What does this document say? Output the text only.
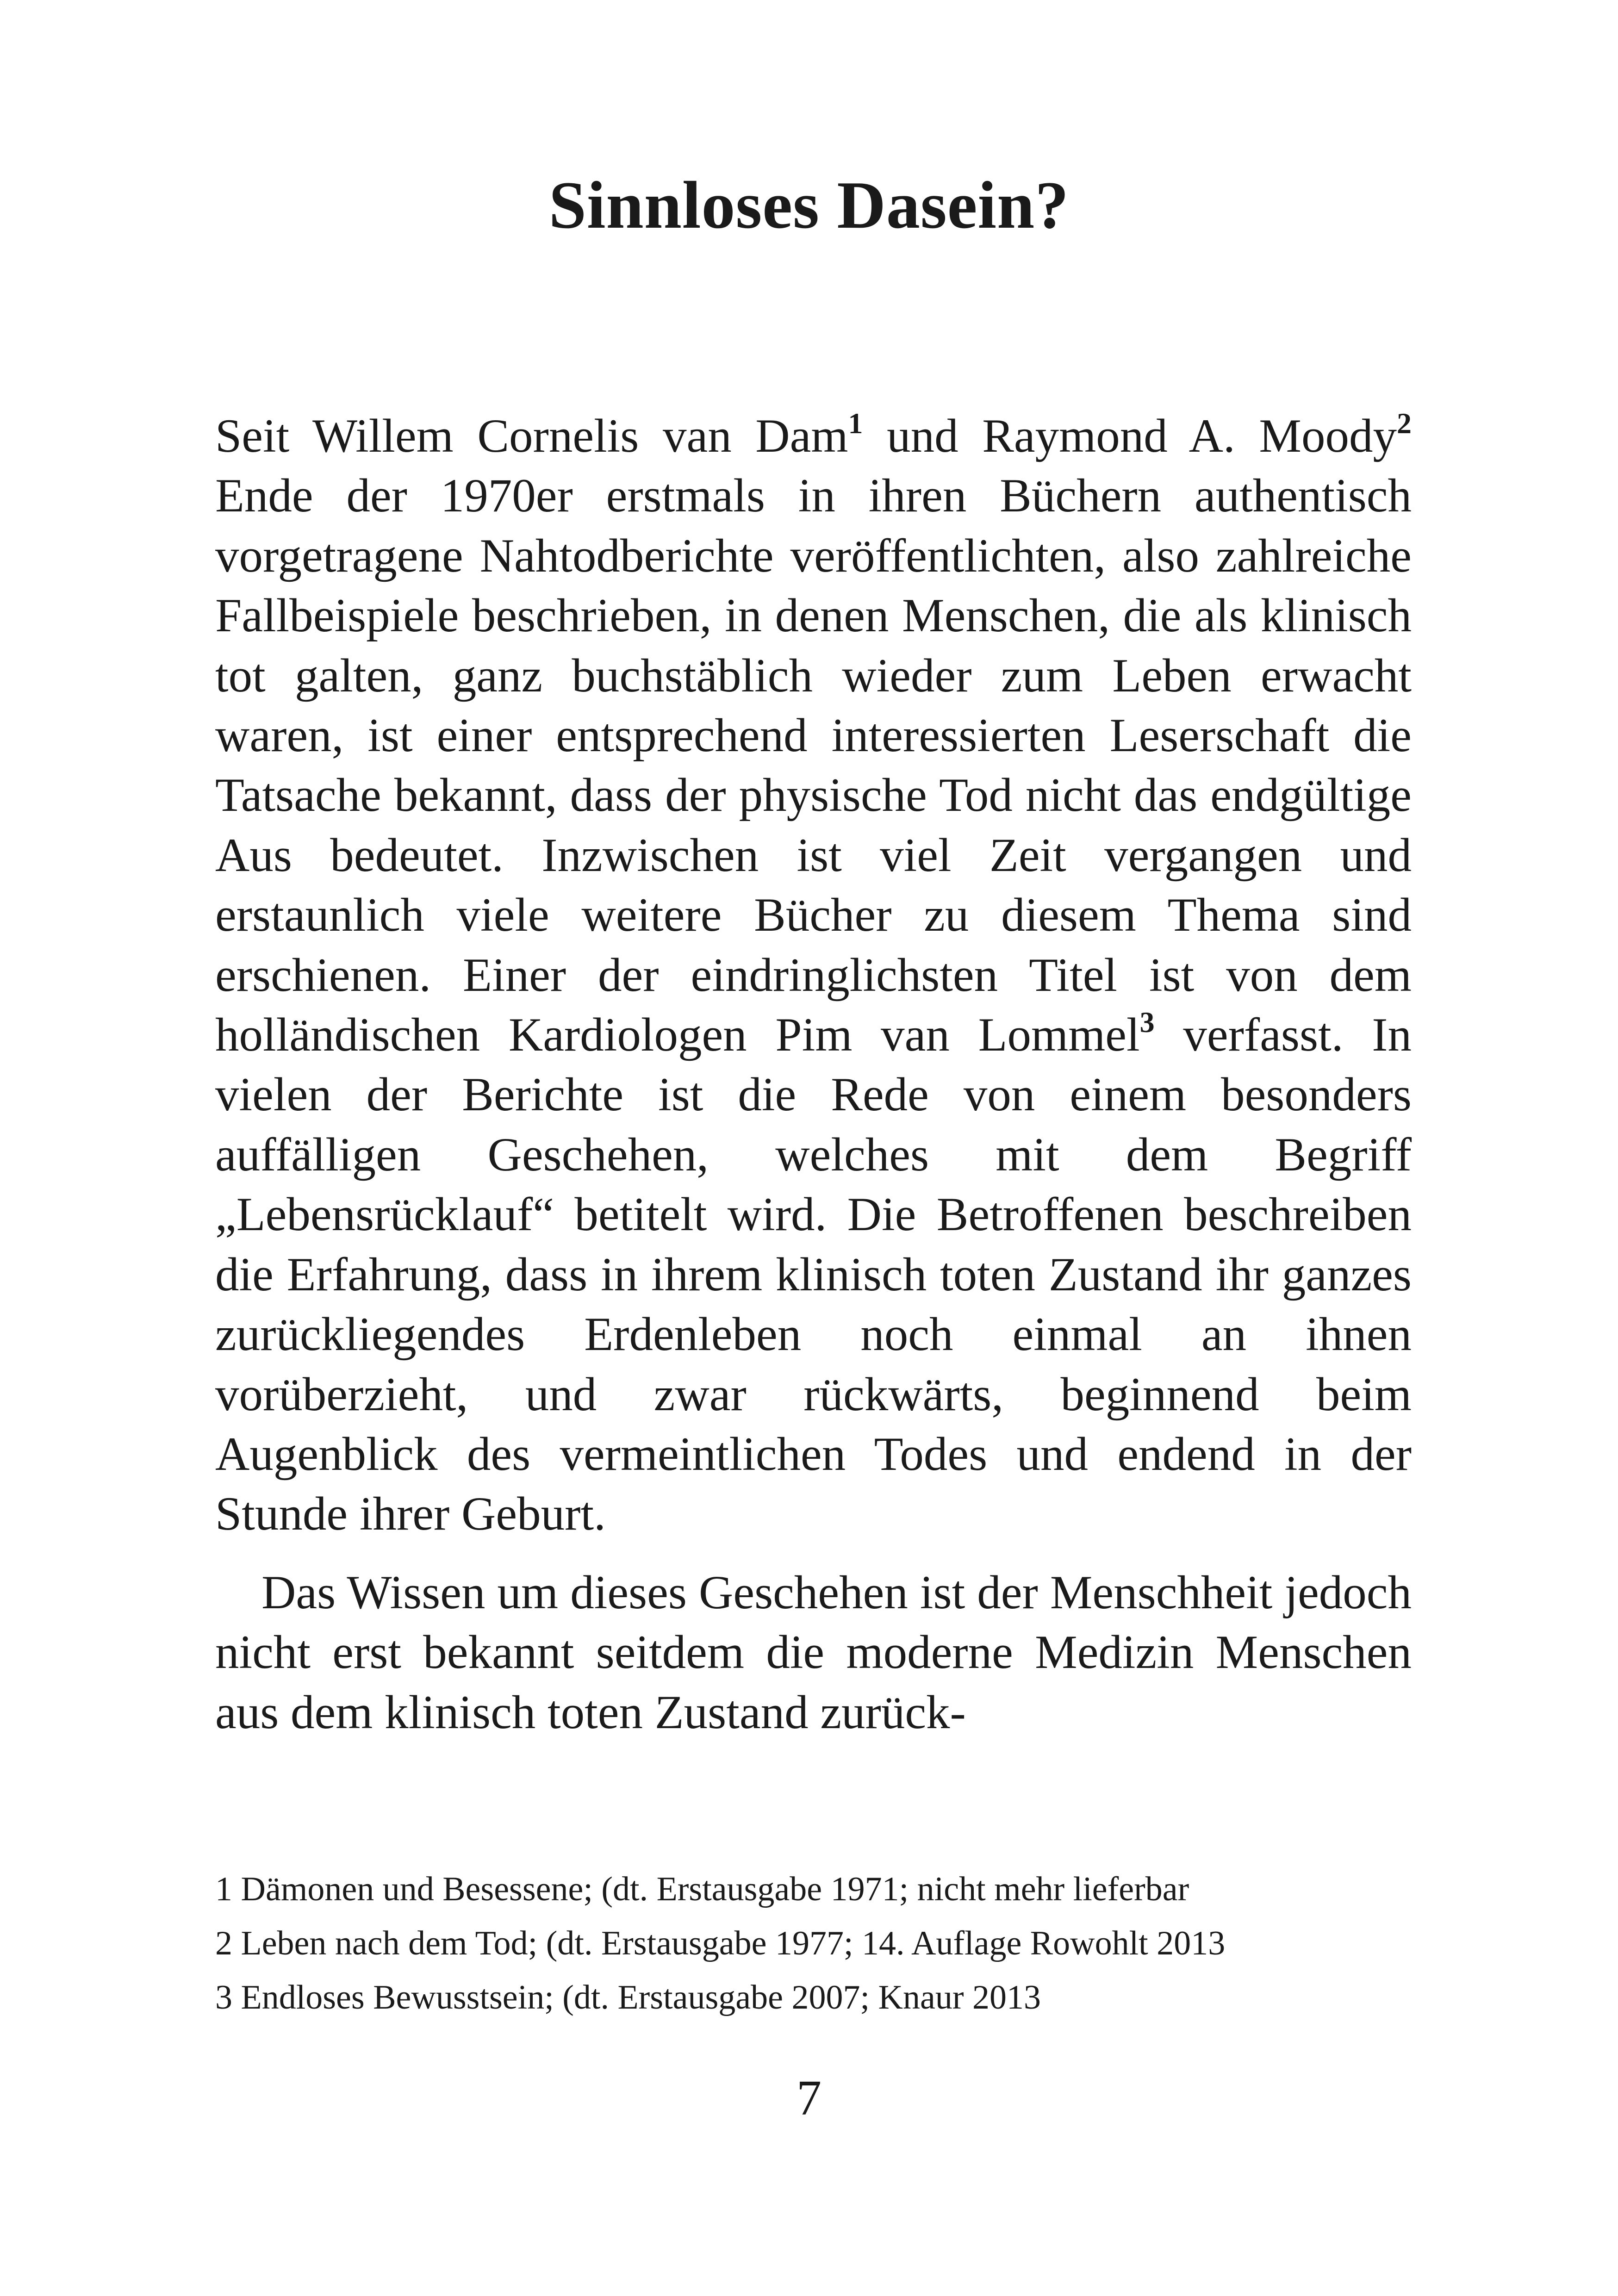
Sinnloses Dasein?

Seit Willem Cornelis van Dam$^1$ und Raymond A. Moody$^2$ Ende der 1970er erstmals in ihren Büchern authentisch vorgetragene Nahtodberichte veröffentlichten, also zahlreiche Fallbeispiele beschrieben, in denen Menschen, die als klinisch tot galten, ganz buchstäblich wieder zum Leben erwacht waren, ist einer entsprechend interessierten Leserschaft die Tatsache bekannt, dass der physische Tod nicht das endgültige Aus bedeutet. Inzwischen ist viel Zeit vergangen und erstaunlich viele weitere Bücher zu diesem Thema sind erschienen. Einer der eindringlichsten Titel ist von dem holländischen Kardiologen Pim van Lommel$^3$ verfasst. In vielen der Berichte ist die Rede von einem besonders auffälligen Geschehen, welches mit dem Begriff „Lebensrücklauf“ betitelt wird. Die Betroffenen beschreiben die Erfahrung, dass in ihrem klinisch toten Zustand ihr ganzes zurückliegendes Erdenleben noch einmal an ihnen vorüberzieht, und zwar rückwärts, beginnend beim Augenblick des vermeintlichen Todes und endend in der Stunde ihrer Geburt.

Das Wissen um dieses Geschehen ist der Menschheit jedoch nicht erst bekannt seitdem die moderne Medizin Menschen aus dem klinisch toten Zustand zurück-

1 Dämonen und Besessene; (dt. Erstausgabe 1971; nicht mehr lieferbar

2 Leben nach dem Tod; (dt. Erstausgabe 1977; 14. Auflage Rowohlt 2013

3 Endloses Bewusstsein; (dt. Erstausgabe 2007; Knaur 2013

7
